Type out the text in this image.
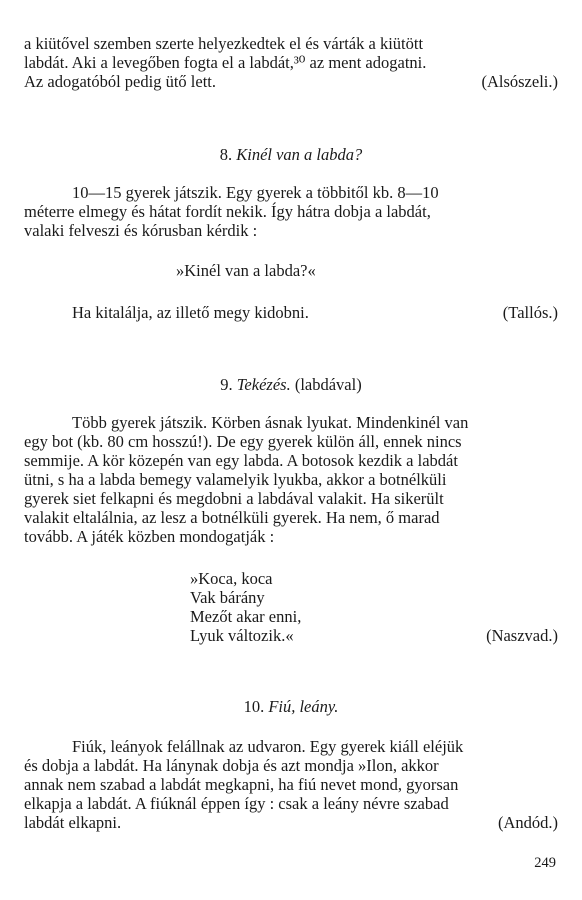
a kiütővel szemben szerte helyezkedtek el és várták a kiütött
labdát. Aki a levegőben fogta el a labdát,³⁰ az ment adogatni.
Az adogatóból pedig ütő lett.	(Alsószeli.)
8. Kinél van a labda?
10—15 gyerek játszik. Egy gyerek a többitől kb. 8—10
méterre elmegy és hátat fordít nekik. Így hátra dobja a labdát,
valaki felveszi és kórusban kérdik :
»Kinél van a labda?«
Ha kitalálja, az illető megy kidobni.	(Tallós.)
9. Tekézés. (labdával)
Több gyerek játszik. Körben ásnak lyukat. Mindenkinél van
egy bot (kb. 80 cm hosszú!). De egy gyerek külön áll, ennek nincs
semmije. A kör közepén van egy labda. A botosok kezdik a labdát
ütni, s ha a labda bemegy valamelyik lyukba, akkor a botnélküli
gyerek siet felkapni és megdobni a labdával valakit. Ha sikerült
valakit eltalálnia, az lesz a botnélküli gyerek. Ha nem, ő marad
tovább. A játék közben mondogatják :
»Koca, koca
Vak bárány
Mezőt akar enni,
Lyuk változik.«	(Naszvad.)
10. Fiú, leány.
Fiúk, leányok felállnak az udvaron. Egy gyerek kiáll eléjük
és dobja a labdát. Ha lánynak dobja és azt mondja »Ilon, akkor
annak nem szabad a labdát megkapni, ha fiú nevet mond, gyorsan
elkapja a labdát. A fiúknál éppen így : csak a leány névre szabad
labdát elkapni.	(Andód.)
249
